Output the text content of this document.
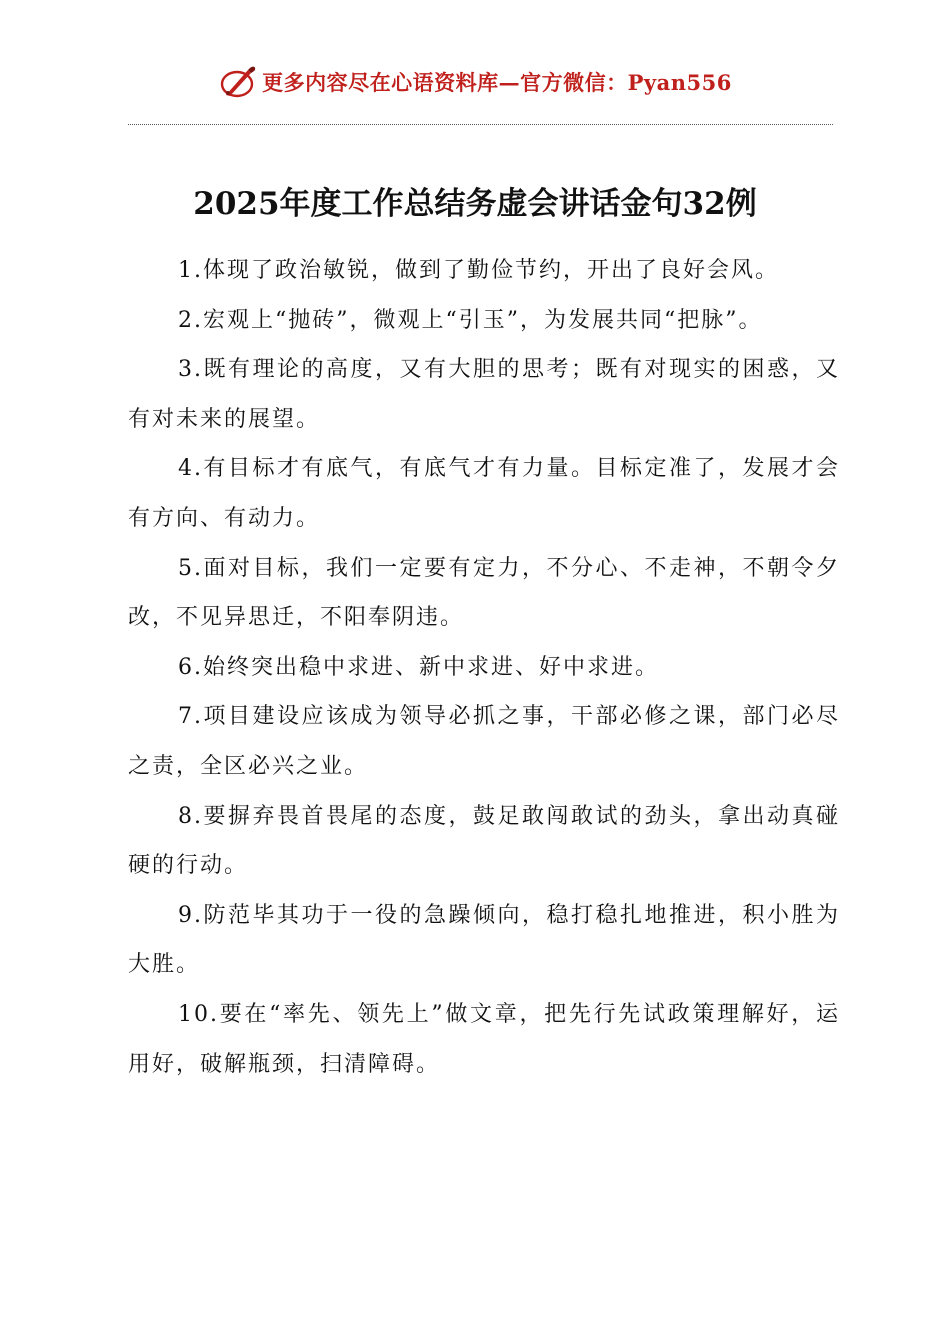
更多内容尽在心语资料库—官方微信：Pyan556
2025年度工作总结务虚会讲话金句32例

1.体现了政治敏锐，做到了勤俭节约，开出了良好会风。

2.宏观上“抛砖”，微观上“引玉”，为发展共同“把脉”。

3.既有理论的高度，又有大胆的思考；既有对现实的困惑，又有对未来的展望。

4.有目标才有底气，有底气才有力量。目标定准了，发展才会有方向、有动力。

5.面对目标，我们一定要有定力，不分心、不走神，不朝令夕改，不见异思迁，不阳奉阴违。

6.始终突出稳中求进、新中求进、好中求进。

7.项目建设应该成为领导必抓之事，干部必修之课，部门必尽之责，全区必兴之业。

8.要摒弃畏首畏尾的态度，鼓足敢闯敢试的劲头，拿出动真碰硬的行动。

9.防范毕其功于一役的急躁倾向，稳打稳扎地推进，积小胜为大胜。

10.要在“率先、领先上”做文章，把先行先试政策理解好，运用好，破解瓶颈，扫清障碍。
